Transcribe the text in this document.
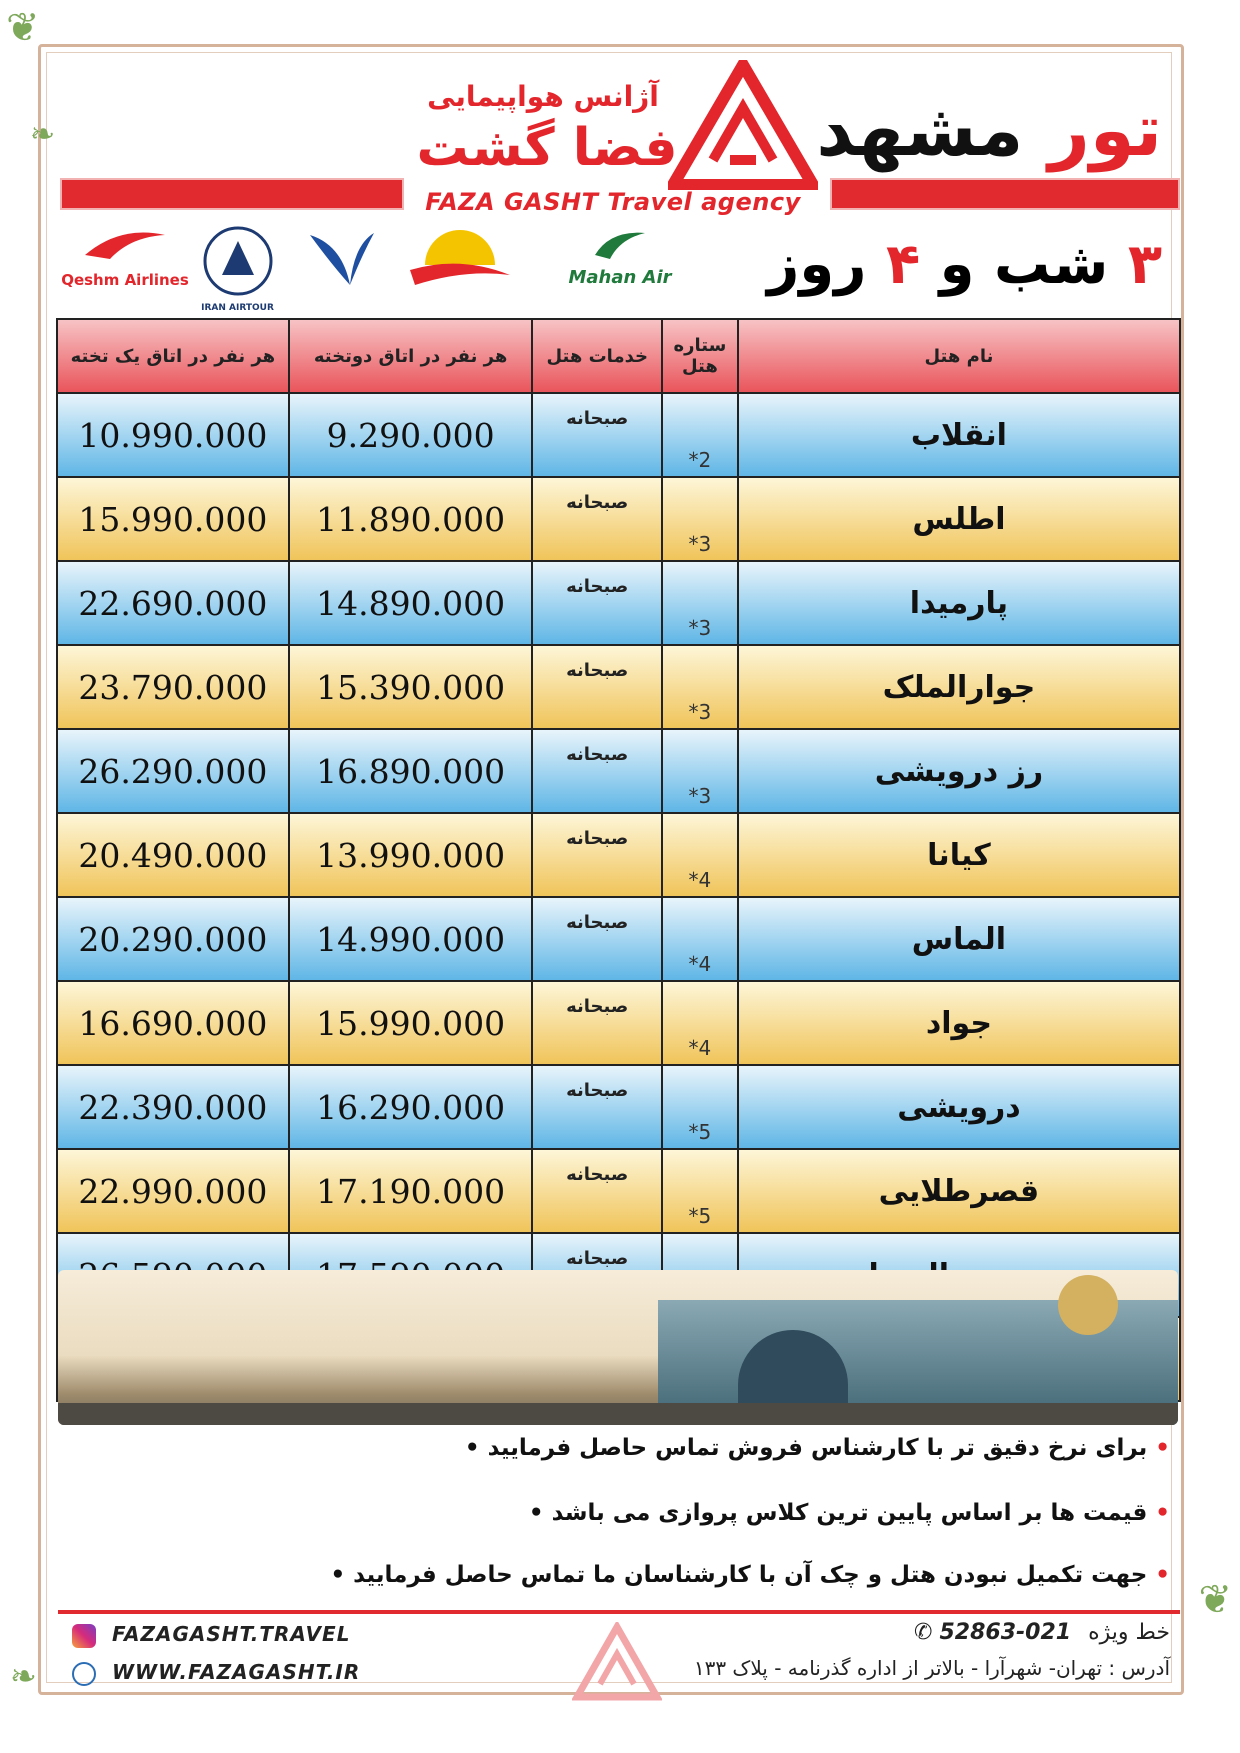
❦
❧
❦
❧
تور مشهد
آژانس هواپیمایی
فضا گشت
FAZA GASHT Travel agency
۳ شب و ۴ روز
Qeshm Airlines
IRAN AIRTOUR
Mahan Air
نام هتل	ستاره هتل	خدمات هتل	هر نفر در اتاق دوتخته	هر نفر در اتاق یک تخته
انقلاب	2*	صبحانه	9.290.000	10.990.000
اطلس	3*	صبحانه	11.890.000	15.990.000
پارمیدا	3*	صبحانه	14.890.000	22.690.000
جوارالملک	3*	صبحانه	15.390.000	23.790.000
رز درویشی	3*	صبحانه	16.890.000	26.290.000
کیانا	4*	صبحانه	13.990.000	20.490.000
الماس	4*	صبحانه	14.990.000	20.290.000
جواد	4*	صبحانه	15.990.000	16.690.000
درویشی	5*	صبحانه	16.290.000	22.390.000
قصرطلایی	5*	صبحانه	17.190.000	22.990.000
		صبحانه		

• برای نرخ دقیق تر با کارشناس فروش تماس حاصل فرمایید •
• قیمت ها بر اساس پایین ترین کلاس پروازی می باشد •
• جهت تکمیل نبودن هتل و چک آن با کارشناسان ما تماس حاصل فرمایید •
FAZAGASHT.TRAVEL
WWW.FAZAGASHT.IR
خط ویژه 021-52863 ✆
آدرس : تهران- شهرآرا - بالاتر از اداره گذرنامه - پلاک ۱۳۳
